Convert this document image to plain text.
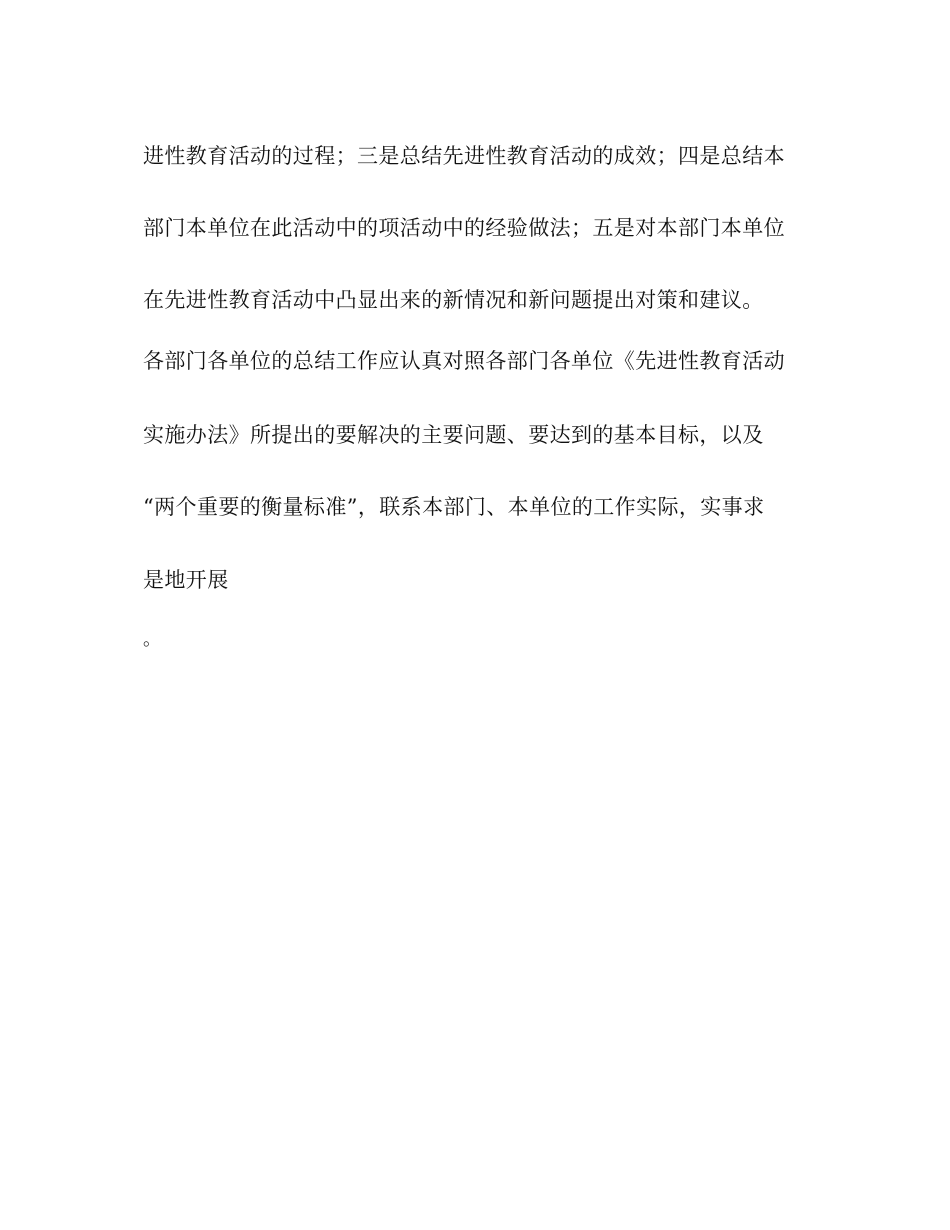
进性教育活动的过程；三是总结先进性教育活动的成效；四是总结本
部门本单位在此活动中的项活动中的经验做法；五是对本部门本单位
在先进性教育活动中凸显出来的新情况和新问题提出对策和建议。
各部门各单位的总结工作应认真对照各部门各单位《先进性教育活动
实施办法》所提出的要解决的主要问题、要达到的基本目标，以及
“两个重要的衡量标准”，联系本部门、本单位的工作实际，实事求
是地开展
。
